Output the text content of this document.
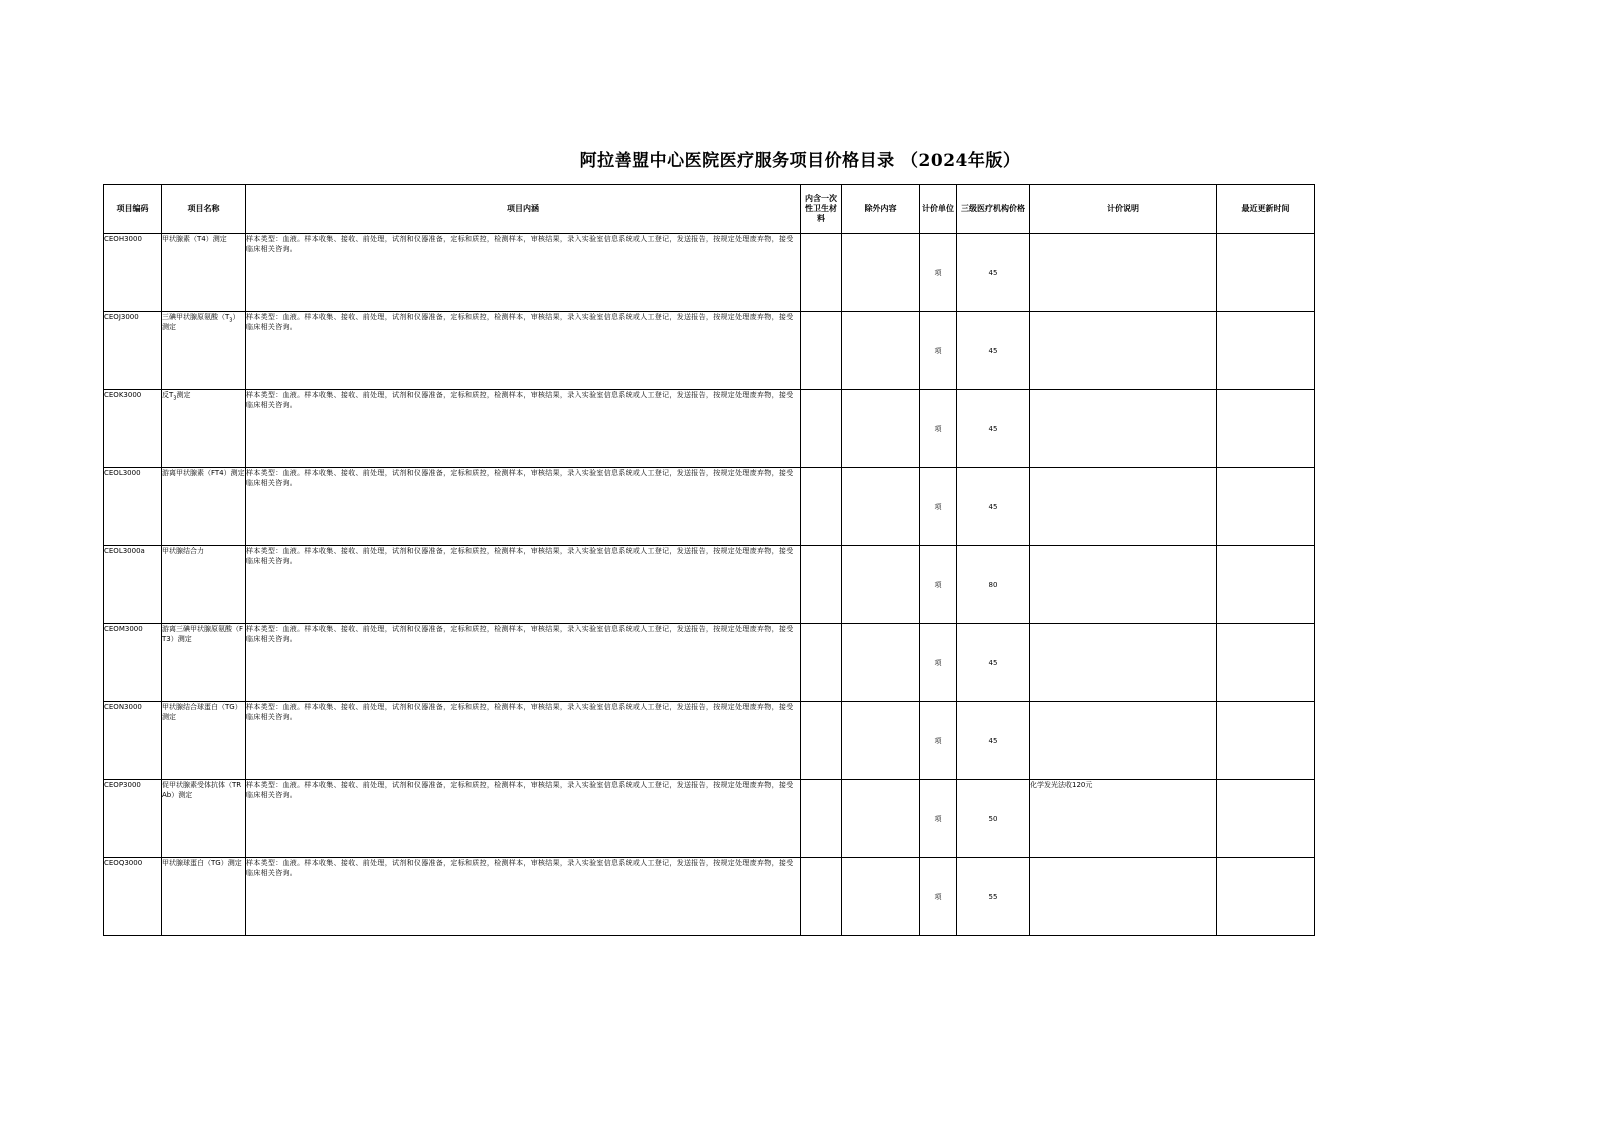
阿拉善盟中心医院医疗服务项目价格目录 （2024年版）
项目编码	项目名称	项目内涵	内含一次性卫生材料	除外内容	计价单位	三级医疗机构价格	计价说明	最近更新时间
CEOH3000	甲状腺素（T4）测定	样本类型：血液。样本收集、接收、前处理，试剂和仪器准备，定标和质控，检测样本，审核结果，录入实验室信息系统或人工登记，发送报告，按规定处理废弃物，接受临床相关咨询。			项	45		
CEOJ3000	三碘甲状腺原氨酸$(T_3)$测定	样本类型：血液。样本收集、接收、前处理，试剂和仪器准备，定标和质控，检测样本，审核结果，录入实验室信息系统或人工登记，发送报告，按规定处理废弃物，接受临床相关咨询。			项	45		
CEOK3000	反$T_3$测定	样本类型：血液。样本收集、接收、前处理，试剂和仪器准备，定标和质控，检测样本，审核结果，录入实验室信息系统或人工登记，发送报告，按规定处理废弃物，接受临床相关咨询。			项	45		
CEOL3000	游离甲状腺素（FT4）测定	样本类型：血液。样本收集、接收、前处理，试剂和仪器准备，定标和质控，检测样本，审核结果，录入实验室信息系统或人工登记，发送报告，按规定处理废弃物，接受临床相关咨询。			项	45		
CEOL3000a	甲状腺结合力	样本类型：血液。样本收集、接收、前处理，试剂和仪器准备，定标和质控，检测样本，审核结果，录入实验室信息系统或人工登记，发送报告，按规定处理废弃物，接受临床相关咨询。			项	80		
CEOM3000	游离三碘甲状腺原氨酸（FT3）测定	样本类型：血液。样本收集、接收、前处理，试剂和仪器准备，定标和质控，检测样本，审核结果，录入实验室信息系统或人工登记，发送报告，按规定处理废弃物，接受临床相关咨询。			项	45		
CEON3000	甲状腺结合球蛋白（TG）测定	样本类型：血液。样本收集、接收、前处理，试剂和仪器准备，定标和质控，检测样本，审核结果，录入实验室信息系统或人工登记，发送报告，按规定处理废弃物，接受临床相关咨询。			项	45		
CEOP3000	促甲状腺素受体抗体（TRAb）测定	样本类型：血液。样本收集、接收、前处理，试剂和仪器准备，定标和质控，检测样本，审核结果，录入实验室信息系统或人工登记，发送报告，按规定处理废弃物，接受临床相关咨询。			项	50	化学发光法收120元	
CEOQ3000	甲状腺球蛋白（TG）测定	样本类型：血液。样本收集、接收、前处理，试剂和仪器准备，定标和质控，检测样本，审核结果，录入实验室信息系统或人工登记，发送报告，按规定处理废弃物，接受临床相关咨询。			项	55		
